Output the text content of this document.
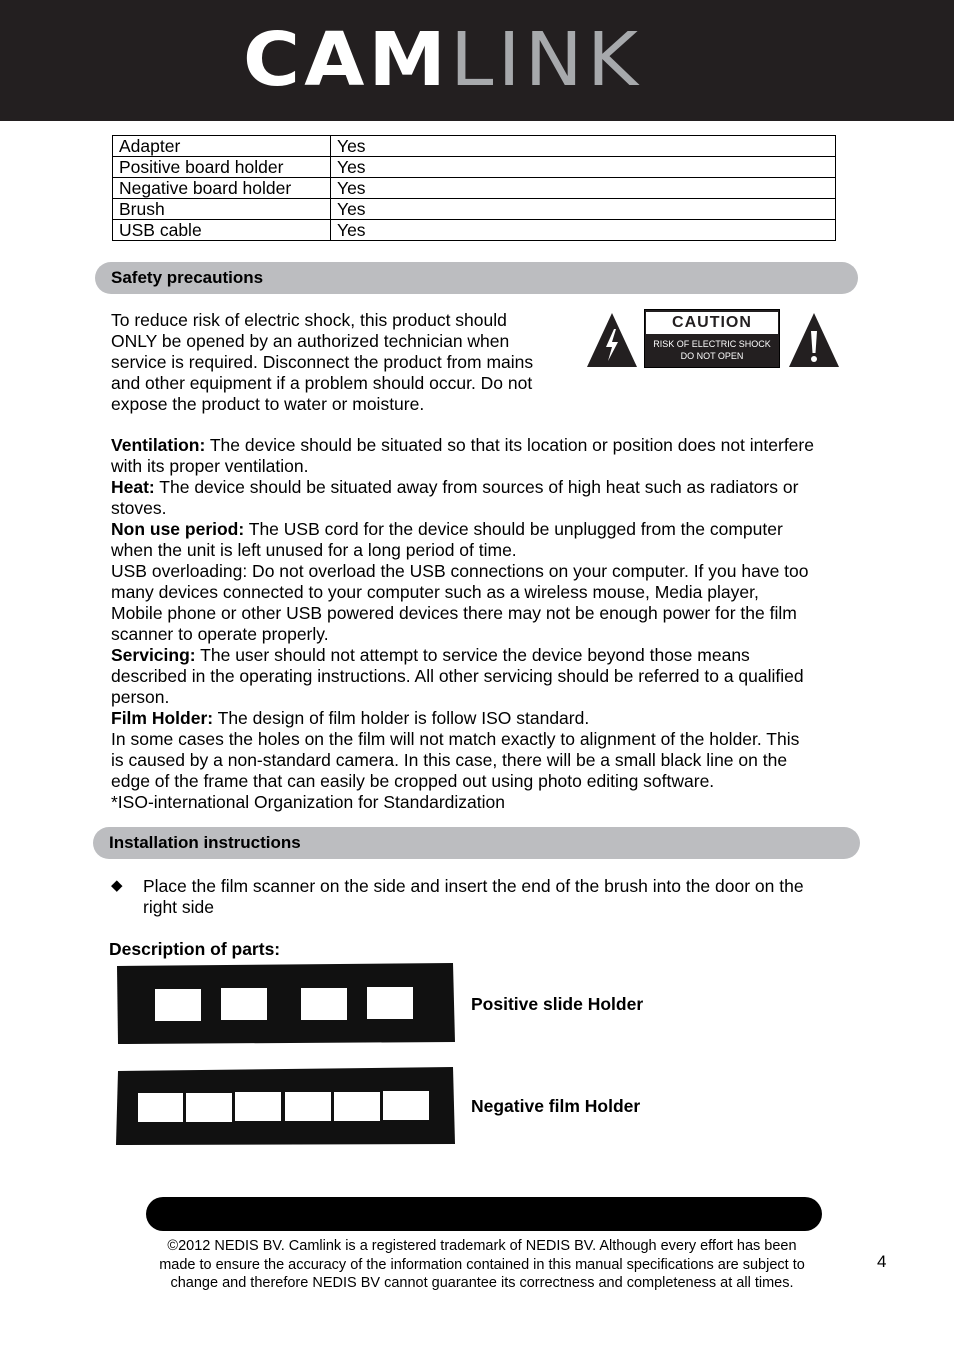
CAMLINK
Adapter	Yes
Positive board holder	Yes
Negative board holder	Yes
Brush	Yes
USB cable	Yes
Safety precautions
To reduce risk of electric shock, this product should
ONLY be opened by an authorized technician when
service is required. Disconnect the product from mains
and other equipment if a problem should occur. Do not
expose the product to water or moisture.
CAUTION
RISK OF ELECTRIC SHOCK
DO NOT OPEN
Ventilation: The device should be situated so that its location or position does not interfere
with its proper ventilation.
Heat: The device should be situated away from sources of high heat such as radiators or
stoves.
Non use period: The USB cord for the device should be unplugged from the computer
when the unit is left unused for a long period of time.
USB overloading: Do not overload the USB connections on your computer. If you have too
many devices connected to your computer such as a wireless mouse, Media player,
Mobile phone or other USB powered devices there may not be enough power for the film
scanner to operate properly.
Servicing: The user should not attempt to service the device beyond those means
described in the operating instructions. All other servicing should be referred to a qualified
person.
Film Holder: The design of film holder is follow ISO standard.
In some cases the holes on the film will not match exactly to alignment of the holder. This
is caused by a non-standard camera. In this case, there will be a small black line on the
edge of the frame that can easily be cropped out using photo editing software.
*ISO-international Organization for Standardization
Installation instructions
◆ Place the film scanner on the side and insert the end of the brush into the door on the
right side
Description of parts:
Positive slide Holder
Negative film Holder
©2012 NEDIS BV. Camlink is a registered trademark of NEDIS BV. Although every effort has been
made to ensure the accuracy of the information contained in this manual specifications are subject to
change and therefore NEDIS BV cannot guarantee its correctness and completeness at all times.
4
